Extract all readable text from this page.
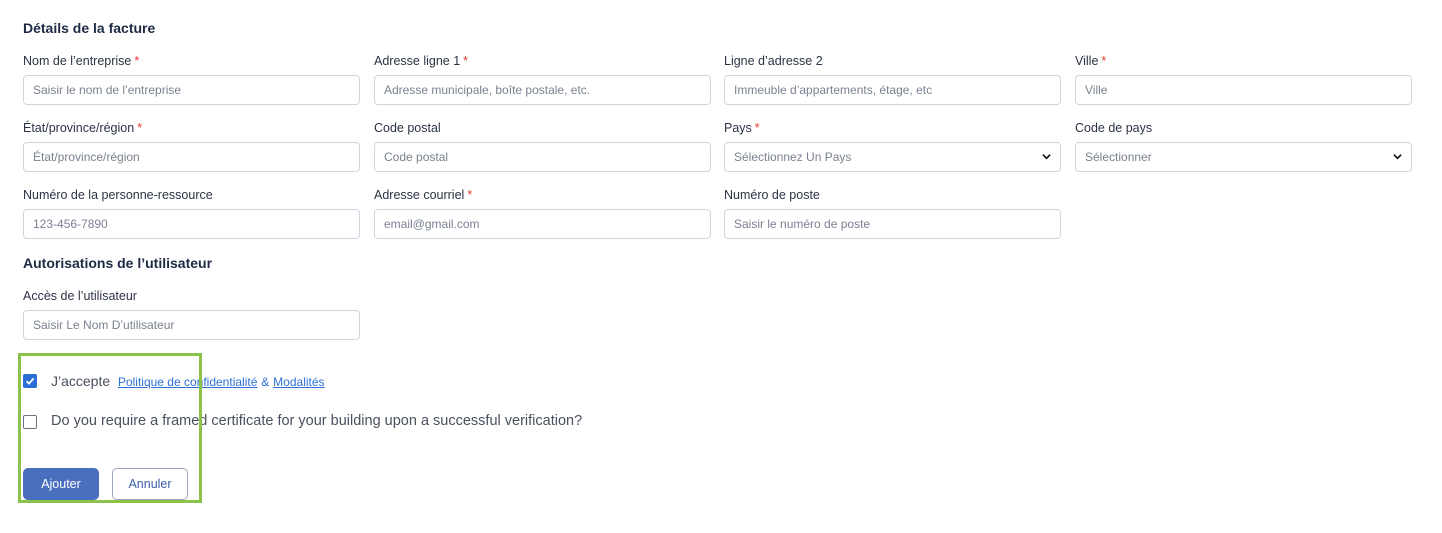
Détails de la facture
Nom de l’entreprise *
Saisir le nom de l’entreprise
Adresse ligne 1 *
Adresse municipale, boîte postale, etc.
Ligne d’adresse 2
Immeuble d’appartements, étage, etc
Ville *
Ville
État/province/région *
État/province/région
Code postal
Code postal
Pays *
Sélectionnez Un Pays
Code de pays
Sélectionner
Numéro de la personne-ressource
123-456-7890
Adresse courriel *
email@gmail.com
Numéro de poste
Saisir le numéro de poste
Autorisations de l’utilisateur
Accès de l’utilisateur
Saisir Le Nom D’utilisateur
J’accepte Politique de confidentialité & Modalités
Do you require a framed certificate for your building upon a successful verification?
Ajouter	Annuler
